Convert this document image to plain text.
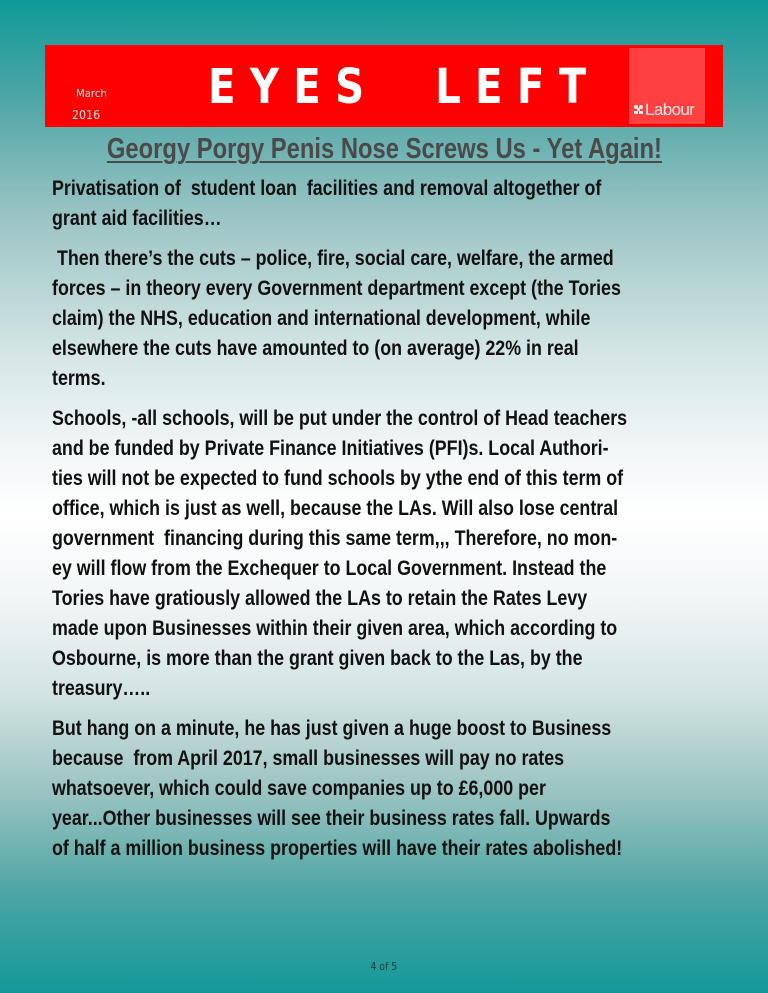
March
2016 EYES  LEFT	Labour
Georgy Porgy Penis Nose Screws Us - Yet Again!
Privatisation of  student loan  facilities and removal altogether of
grant aid facilities…
Then there’s the cuts – police, fire, social care, welfare, the armed
forces – in theory every Government department except (the Tories
claim) the NHS, education and international development, while
elsewhere the cuts have amounted to (on average) 22% in real
terms.
Schools, -all schools, will be put under the control of Head teachers
and be funded by Private Finance Initiatives (PFI)s. Local Authori-
ties will not be expected to fund schools by ythe end of this term of
office, which is just as well, because the LAs. Will also lose central
government  financing during this same term,,, Therefore, no mon-
ey will flow from the Exchequer to Local Government. Instead the
Tories have gratiously allowed the LAs to retain the Rates Levy
made upon Businesses within their given area, which according to
Osbourne, is more than the grant given back to the Las, by the
treasury…..
But hang on a minute, he has just given a huge boost to Business
because  from April 2017, small businesses will pay no rates
whatsoever, which could save companies up to £6,000 per
year...Other businesses will see their business rates fall. Upwards
of half a million business properties will have their rates abolished!
4 of 5
